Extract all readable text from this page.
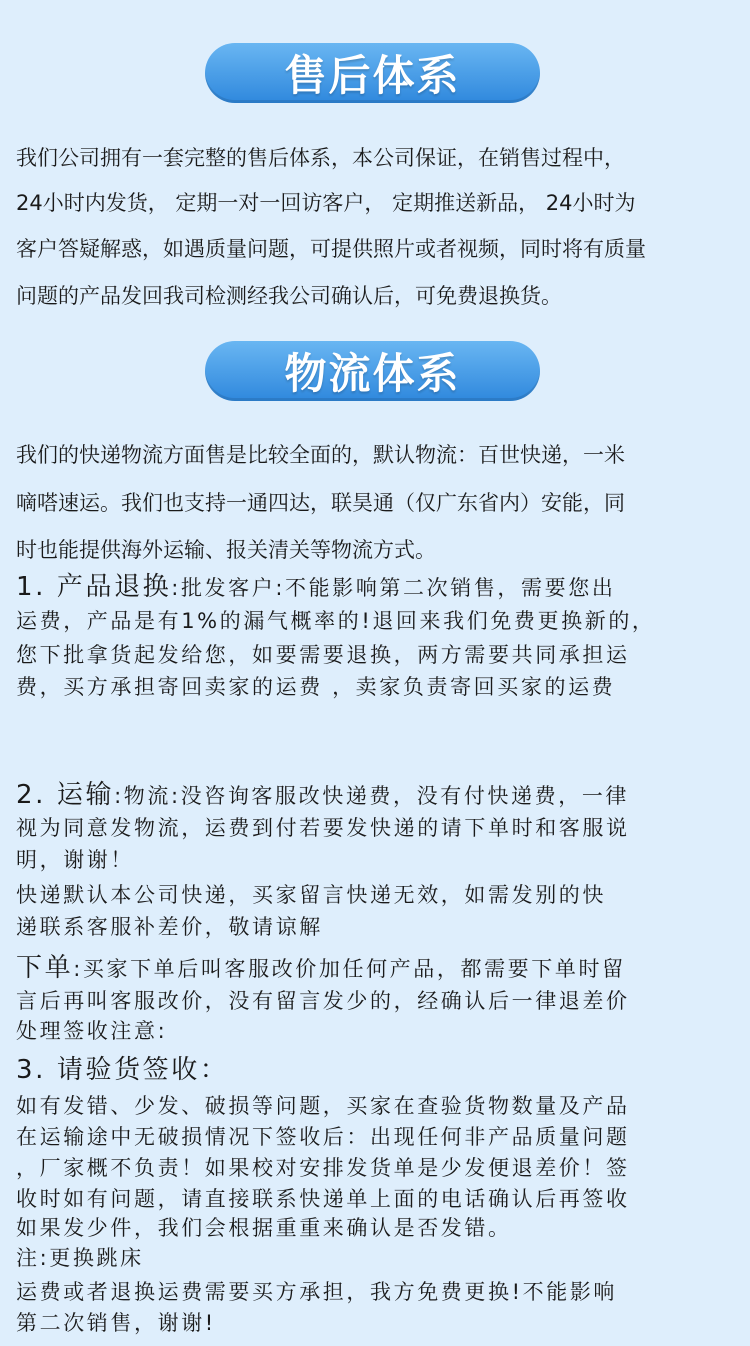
售后体系
我们公司拥有一套完整的售后体系，本公司保证，在销售过程中，
24小时内发货， 定期一对一回访客户， 定期推送新品， 24小时为
客户答疑解惑，如遇质量问题，可提供照片或者视频，同时将有质量
问题的产品发回我司检测经我公司确认后，可免费退换货。
物流体系
我们的快递物流方面售是比较全面的，默认物流：百世快递，一米
嘀嗒速运。我们也支持一通四达，联昊通（仅广东省内）安能，同
时也能提供海外运输、报关清关等物流方式。
1. 产品退换:批发客户:不能影响第二次销售，需要您出
运费，产品是有1%的漏气概率的!退回来我们免费更换新的，
您下批拿货起发给您，如要需要退换，两方需要共同承担运
费，买方承担寄回卖家的运费 ，卖家负责寄回买家的运费
2. 运输:物流:没咨询客服改快递费，没有付快递费，一律
视为同意发物流，运费到付若要发快递的请下单时和客服说
明，谢谢！
快递默认本公司快递，买家留言快递无效，如需发别的快
递联系客服补差价，敬请谅解
下单:买家下单后叫客服改价加任何产品，都需要下单时留
言后再叫客服改价，没有留言发少的，经确认后一律退差价
处理签收注意:
3. 请验货签收：
如有发错、少发、破损等问题，买家在查验货物数量及产品
在运输途中无破损情况下签收后：出现任何非产品质量问题
，厂家概不负责！如果校对安排发货单是少发便退差价！签
收时如有问题，请直接联系快递单上面的电话确认后再签收
如果发少件，我们会根据重重来确认是否发错。
注:更换跳床
运费或者退换运费需要买方承担，我方免费更换!不能影响
第二次销售，谢谢!
